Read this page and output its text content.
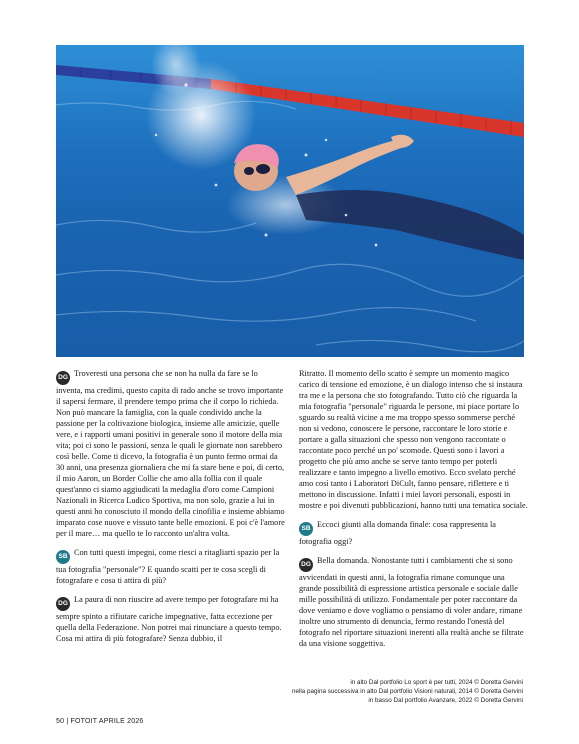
DG Troveresti una persona che se non ha nulla da fare se lo inventa, ma credimi, questo capita di rado anche se trovo importante il sapersi fermare, il prendere tempo prima che il corpo lo richieda. Non può mancare la famiglia, con la quale condivido anche la passione per la coltivazione biologica, insieme alle amicizie, quelle vere, e i rapporti umani positivi in generale sono il motore della mia vita; poi ci sono le passioni, senza le quali le giornate non sarebbero così belle. Come ti dicevo, la fotografia è un punto fermo ormai da 30 anni, una presenza giornaliera che mi fa stare bene e poi, di certo, il mio Aaron, un Border Collie che amo alla follia con il quale quest'anno ci siamo aggiudicati la medaglia d'oro come Campioni Nazionali in Ricerca Ludico Sportiva, ma non solo, grazie a lui in questi anni ho conosciuto il mondo della cinofilia e insieme abbiamo imparato cose nuove e vissuto tante belle emozioni. E poi c'è l'amore per il mare… ma quello te lo racconto un'altra volta.

SB Con tutti questi impegni, come riesci a ritagliarti spazio per la tua fotografia "personale"? E quando scatti per te cosa scegli di fotografare e cosa ti attira di più?

DG La paura di non riuscire ad avere tempo per fotografare mi ha sempre spinto a rifiutare cariche impegnative, fatta eccezione per quella della Federazione. Non potrei mai rinunciare a questo tempo. Cosa mi attira di più fotografare? Senza dubbio, il

Ritratto. Il momento dello scatto è sempre un momento magico carico di tensione ed emozione, è un dialogo intenso che si instaura tra me e la persona che sto fotografando. Tutto ciò che riguarda la mia fotografia "personale" riguarda le persone, mi piace portare lo sguardo su realtà vicine a me ma troppo spesso sommerse perché non si vedono, conoscere le persone, raccontare le loro storie e portare a galla situazioni che spesso non vengono raccontate o raccontate poco perché un po' scomode. Questi sono i lavori a progetto che più amo anche se serve tanto tempo per poterli realizzare e tanto impegno a livello emotivo. Ecco svelato perché amo così tanto i Laboratori DiCult, fanno pensare, riflettere e ti mettono in discussione. Infatti i miei lavori personali, esposti in mostre e poi divenuti pubblicazioni, hanno tutti una tematica sociale.

SB Eccoci giunti alla domanda finale: cosa rappresenta la fotografia oggi?

DG Bella domanda. Nonostante tutti i cambiamenti che si sono avvicendati in questi anni, la fotografia rimane comunque una grande possibilità di espressione artistica personale e sociale dalle mille possibilità di utilizzo. Fondamentale per poter raccontare da dove veniamo e dove vogliamo o pensiamo di voler andare, rimane inoltre uno strumento di denuncia, fermo restando l'onestà del fotografo nel riportare situazioni inerenti alla realtà anche se filtrate da una visione soggettiva.

in alto Dal portfolio Lo sport è per tutti, 2024 © Doretta Gervini
nella pagina successiva in alto Dal portfolio Visioni naturali, 2014 © Doretta Gervini
in basso Dal portfolio Avanzare, 2022 © Doretta Gervini
50 | FOTOIT APRILE 2026
